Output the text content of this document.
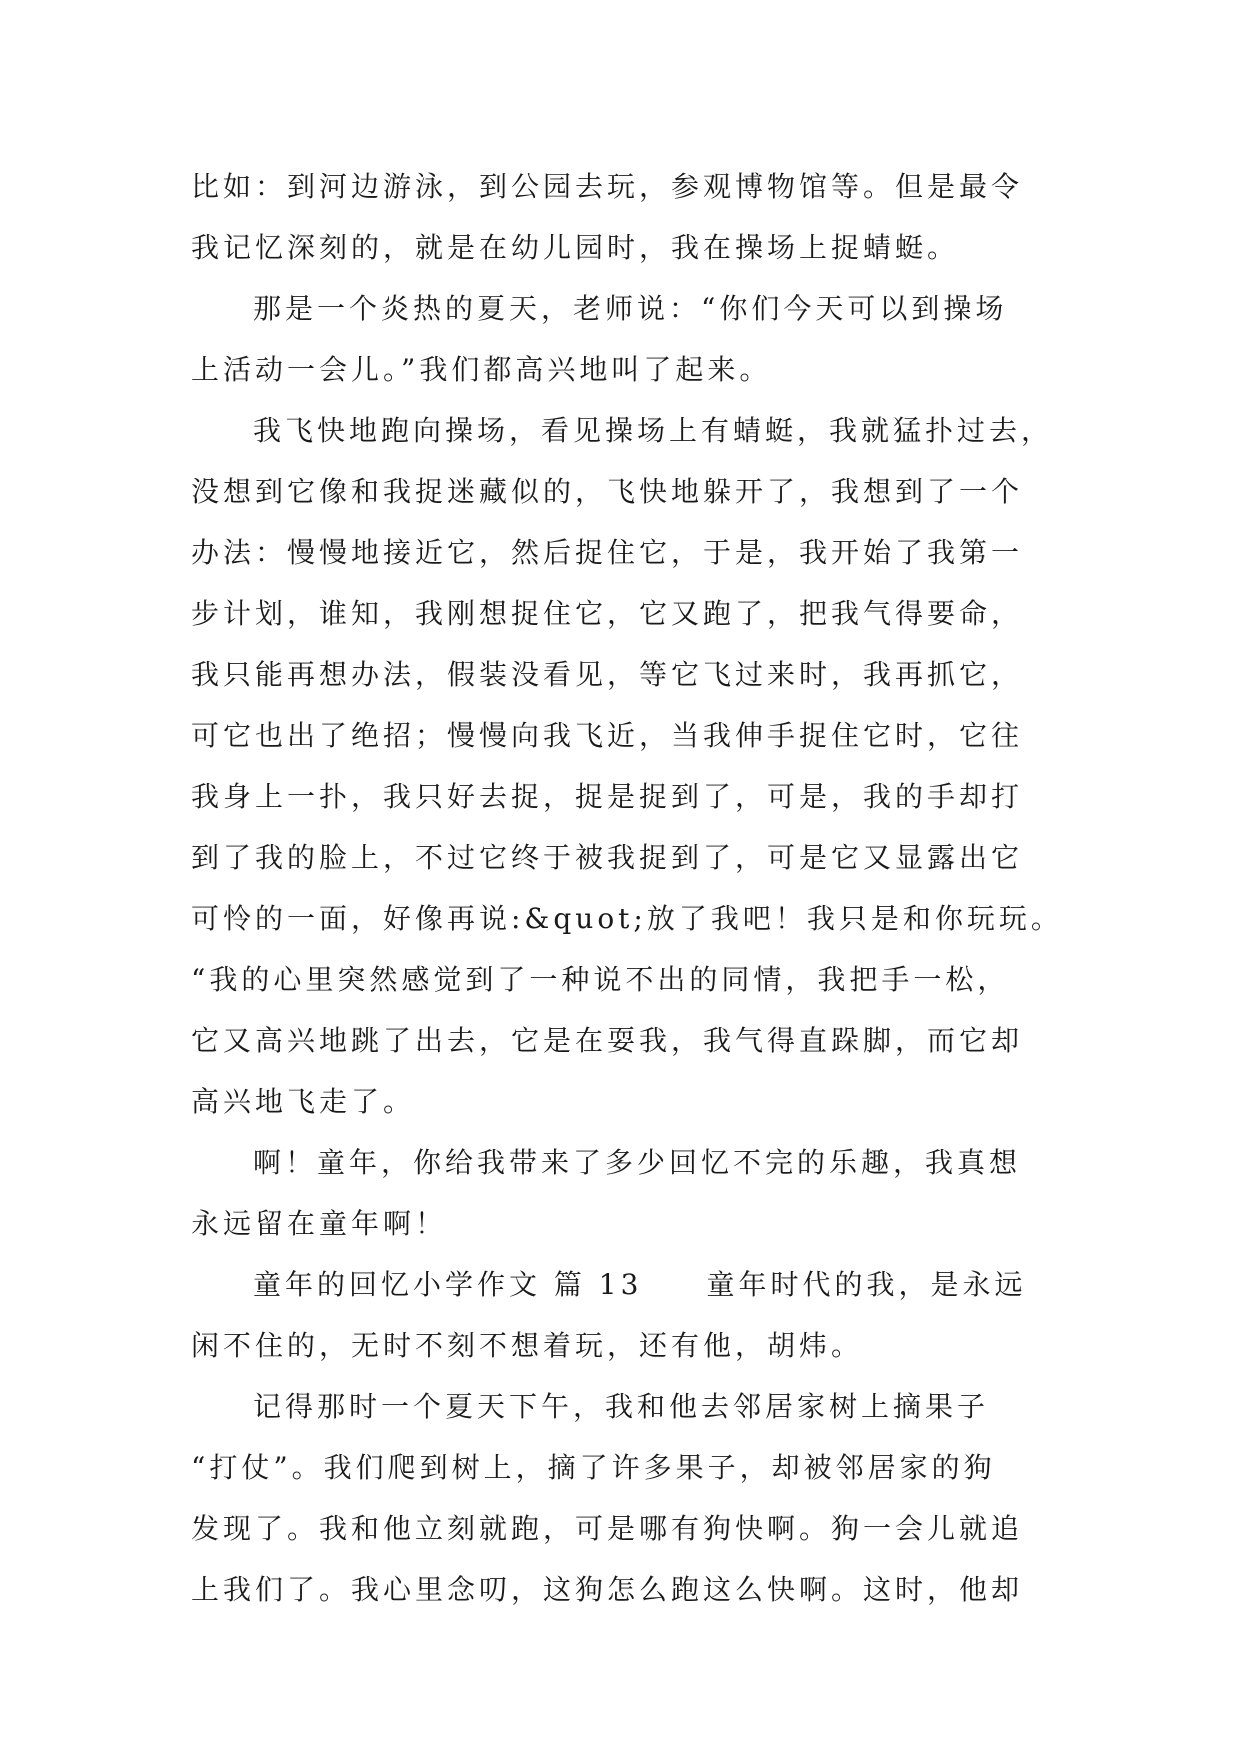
比如：到河边游泳，到公园去玩，参观博物馆等。但是最令
我记忆深刻的，就是在幼儿园时，我在操场上捉蜻蜓。
那是一个炎热的夏天，老师说：“你们今天可以到操场
上活动一会儿。”我们都高兴地叫了起来。
我飞快地跑向操场，看见操场上有蜻蜓，我就猛扑过去，
没想到它像和我捉迷藏似的，飞快地躲开了，我想到了一个
办法：慢慢地接近它，然后捉住它，于是，我开始了我第一
步计划，谁知，我刚想捉住它，它又跑了，把我气得要命，
我只能再想办法，假装没看见，等它飞过来时，我再抓它，
可它也出了绝招；慢慢向我飞近，当我伸手捉住它时，它往
我身上一扑，我只好去捉，捉是捉到了，可是，我的手却打
到了我的脸上，不过它终于被我捉到了，可是它又显露出它
可怜的一面，好像再说:&quot;放了我吧！我只是和你玩玩。
“我的心里突然感觉到了一种说不出的同情，我把手一松，
它又高兴地跳了出去，它是在耍我，我气得直跺脚，而它却
高兴地飞走了。
啊！童年，你给我带来了多少回忆不完的乐趣，我真想
永远留在童年啊！
童年的回忆小学作文 篇 13 童年时代的我，是永远
闲不住的，无时不刻不想着玩，还有他，胡炜。
记得那时一个夏天下午，我和他去邻居家树上摘果子
“打仗”。我们爬到树上，摘了许多果子，却被邻居家的狗
发现了。我和他立刻就跑，可是哪有狗快啊。狗一会儿就追
上我们了。我心里念叨，这狗怎么跑这么快啊。这时，他却
